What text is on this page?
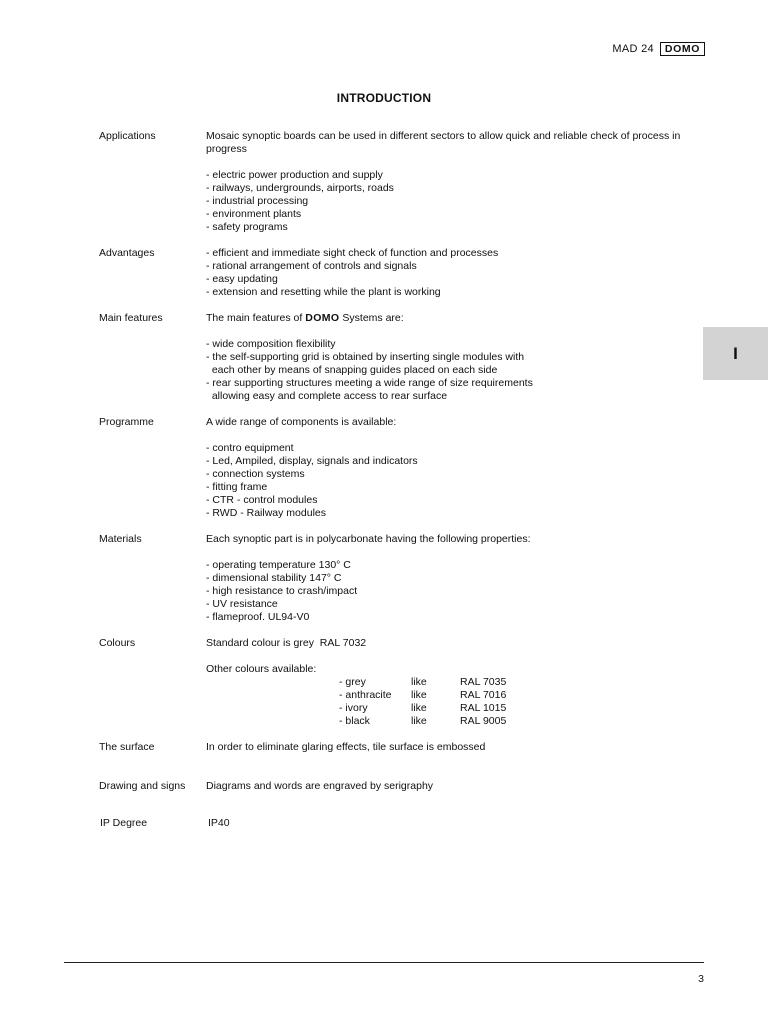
MAD 24	DOMO
INTRODUCTION
I
Applications	Mosaic synoptic boards can be used in different sectors to allow quick and reliable check of process in progress

- electric power production and supply
- railways, undergrounds, airports, roads
- industrial processing
- environment plants
- safety programs
Advantages	- efficient and immediate sight check of function and processes
- rational arrangement of controls and signals
- easy updating
- extension and resetting while the plant is working
Main features	The main features of DOMO Systems are:

- wide composition flexibility
- the self-supporting grid is obtained by inserting single modules with
each other by means of snapping guides placed on each side
- rear supporting structures meeting a wide range of size requirements
allowing easy and complete access to rear surface
Programme	A wide range of components is available:

- contro equipment
- Led, Ampiled, display, signals and indicators
- connection systems
- fitting frame
- CTR - control modules
- RWD - Railway modules
Materials	Each synoptic part is in polycarbonate having the following properties:

- operating temperature 130° C
- dimensional stability 147° C
- high resistance to crash/impact
- UV resistance
- flameproof. UL94-V0
Colours	Standard colour is grey  RAL 7032

Other colours available:
- grey	like	RAL 7035
- anthracite	like	RAL 7016
- ivory	like	RAL 1015
- black	like	RAL 9005
The surface	In order to eliminate glaring effects, tile surface is embossed
Drawing and signs	Diagrams and words are engraved by serigraphy
IP Degree	IP40
3
